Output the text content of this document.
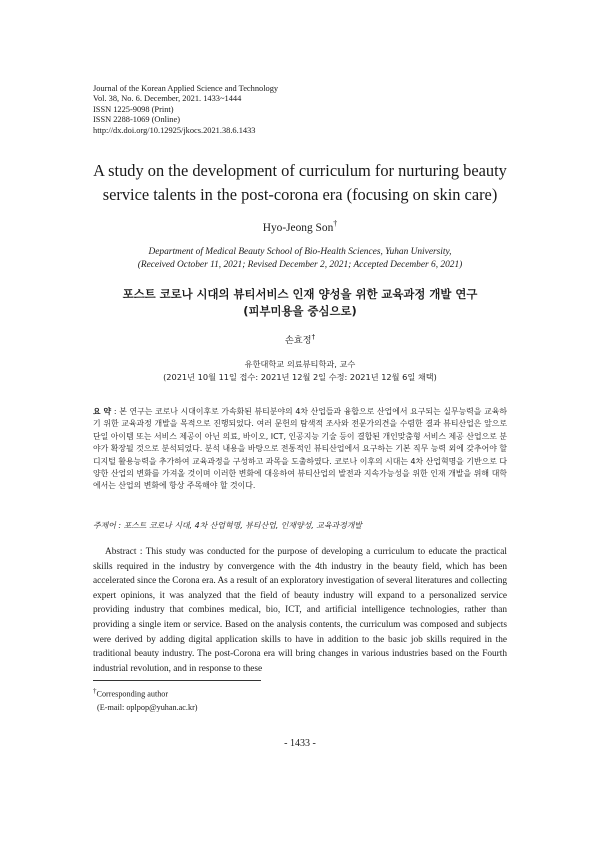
Journal of the Korean Applied Science and Technology
Vol. 38, No. 6. December, 2021. 1433~1444
ISSN 1225-9098 (Print)
ISSN 2288-1069 (Online)
http://dx.doi.org/10.12925/jkocs.2021.38.6.1433
A study on the development of curriculum for nurturing beauty
service talents in the post-corona era (focusing on skin care)
Hyo-Jeong Son†
Department of Medical Beauty School of Bio-Health Sciences, Yuhan University,
(Received October 11, 2021; Revised December 2, 2021; Accepted December 6, 2021)
포스트 코로나 시대의 뷰티서비스 인재 양성을 위한 교육과정 개발 연구
(피부미용을 중심으로)
손효정†
유한대학교 의료뷰티학과, 교수
(2021년 10월 11일 접수: 2021년 12월 2일 수정: 2021년 12월 6일 채택)
요 약 : 본 연구는 코로나 시대이후로 가속화된 뷰티분야의 4차 산업들과 융합으로 산업에서 요구되는 실무능력을 교육하기 위한 교육과정 개발을 목적으로 진행되었다. 여러 문헌의 탐색적 조사와 전문가의견을 수렴한 결과 뷰티산업은 앞으로 단일 아이템 또는 서비스 제공이 아닌 의료, 바이오, ICT, 인공지능 기술 등이 결합된 개인맞춤형 서비스 제공 산업으로 분야가 확장될 것으로 분석되었다. 분석 내용을 바탕으로 전통적인 뷰티산업에서 요구하는 기본 직무 능력 외에 갖추어야 할 디지털 활용능력을 추가하여 교육과정을 구성하고 과목을 도출하였다. 코로나 이후의 시대는 4차 산업혁명을 기반으로 다양한 산업의 변화를 가져올 것이며 이러한 변화에 대응하여 뷰티산업의 발전과 지속가능성을 위한 인재 개발을 위해 대학에서는 산업의 변화에 항상 주목해야 할 것이다.
주제어 : 포스트 코로나 시대, 4차 산업혁명, 뷰티산업, 인재양성, 교육과정개발
Abstract : This study was conducted for the purpose of developing a curriculum to educate the practical skills required in the industry by convergence with the 4th industry in the beauty field, which has been accelerated since the Corona era. As a result of an exploratory investigation of several literatures and collecting expert opinions, it was analyzed that the field of beauty industry will expand to a personalized service providing industry that combines medical, bio, ICT, and artificial intelligence technologies, rather than providing a single item or service. Based on the analysis contents, the curriculum was composed and subjects were derived by adding digital application skills to have in addition to the basic job skills required in the traditional beauty industry. The post-Corona era will bring changes in various industries based on the Fourth industrial revolution, and in response to these
†Corresponding author
(E-mail: oplpop@yuhan.ac.kr)
- 1433 -
